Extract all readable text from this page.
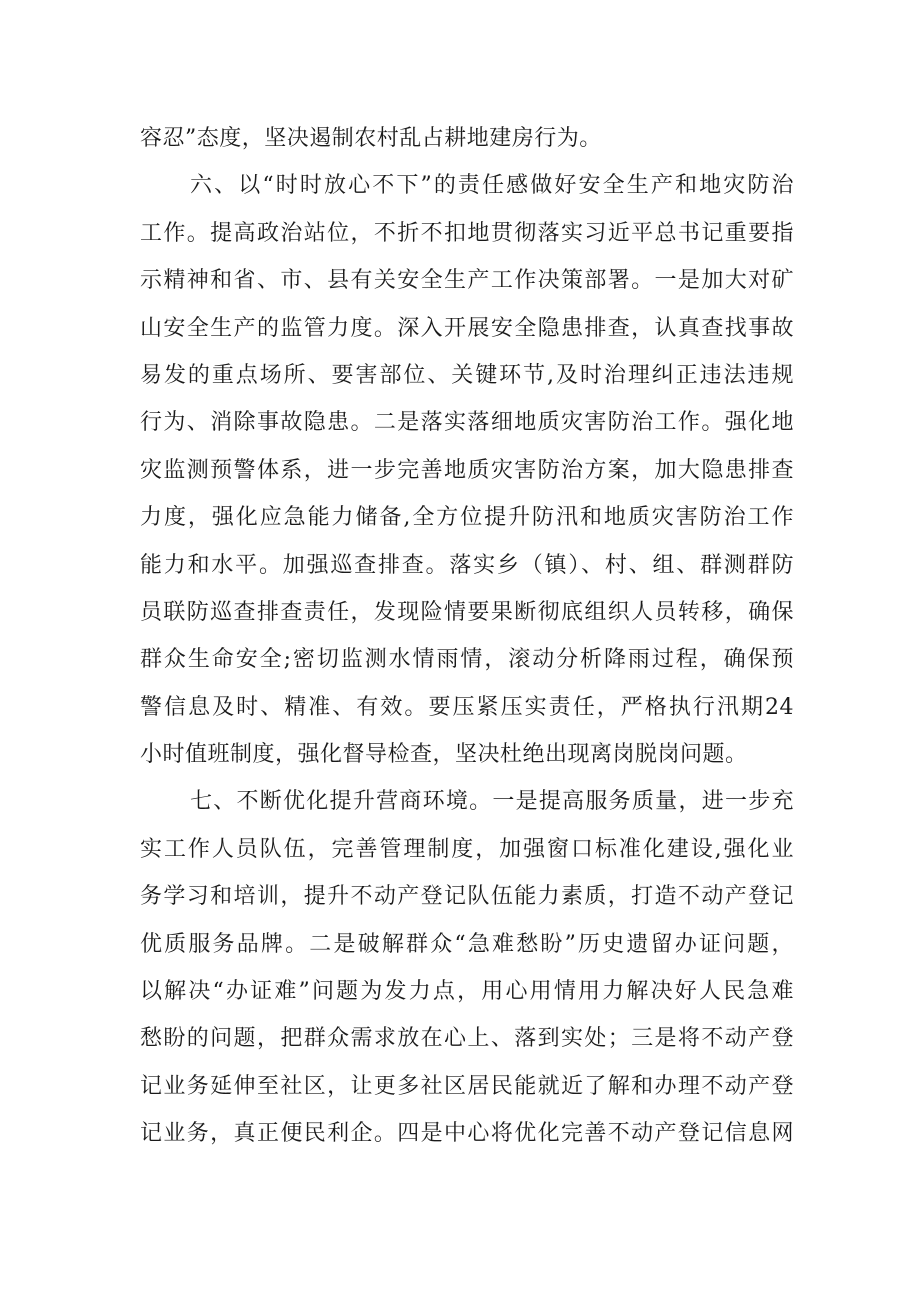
容忍”态度，坚决遏制农村乱占耕地建房行为。
六、以“时时放心不下”的责任感做好安全生产和地灾防治
工作。提高政治站位，不折不扣地贯彻落实习近平总书记重要指
示精神和省、市、县有关安全生产工作决策部署。一是加大对矿
山安全生产的监管力度。深入开展安全隐患排查，认真查找事故
易发的重点场所、要害部位、关键环节,及时治理纠正违法违规
行为、消除事故隐患。二是落实落细地质灾害防治工作。强化地
灾监测预警体系，进一步完善地质灾害防治方案，加大隐患排查
力度，强化应急能力储备,全方位提升防汛和地质灾害防治工作
能力和水平。加强巡查排查。落实乡（镇）、村、组、群测群防
员联防巡查排查责任，发现险情要果断彻底组织人员转移，确保
群众生命安全;密切监测水情雨情，滚动分析降雨过程，确保预
警信息及时、精准、有效。要压紧压实责任，严格执行汛期24
小时值班制度，强化督导检查，坚决杜绝出现离岗脱岗问题。
七、不断优化提升营商环境。一是提高服务质量，进一步充
实工作人员队伍，完善管理制度，加强窗口标准化建设,强化业
务学习和培训，提升不动产登记队伍能力素质，打造不动产登记
优质服务品牌。二是破解群众“急难愁盼”历史遗留办证问题，
以解决“办证难”问题为发力点，用心用情用力解决好人民急难
愁盼的问题，把群众需求放在心上、落到实处；三是将不动产登
记业务延伸至社区，让更多社区居民能就近了解和办理不动产登
记业务，真正便民利企。四是中心将优化完善不动产登记信息网
